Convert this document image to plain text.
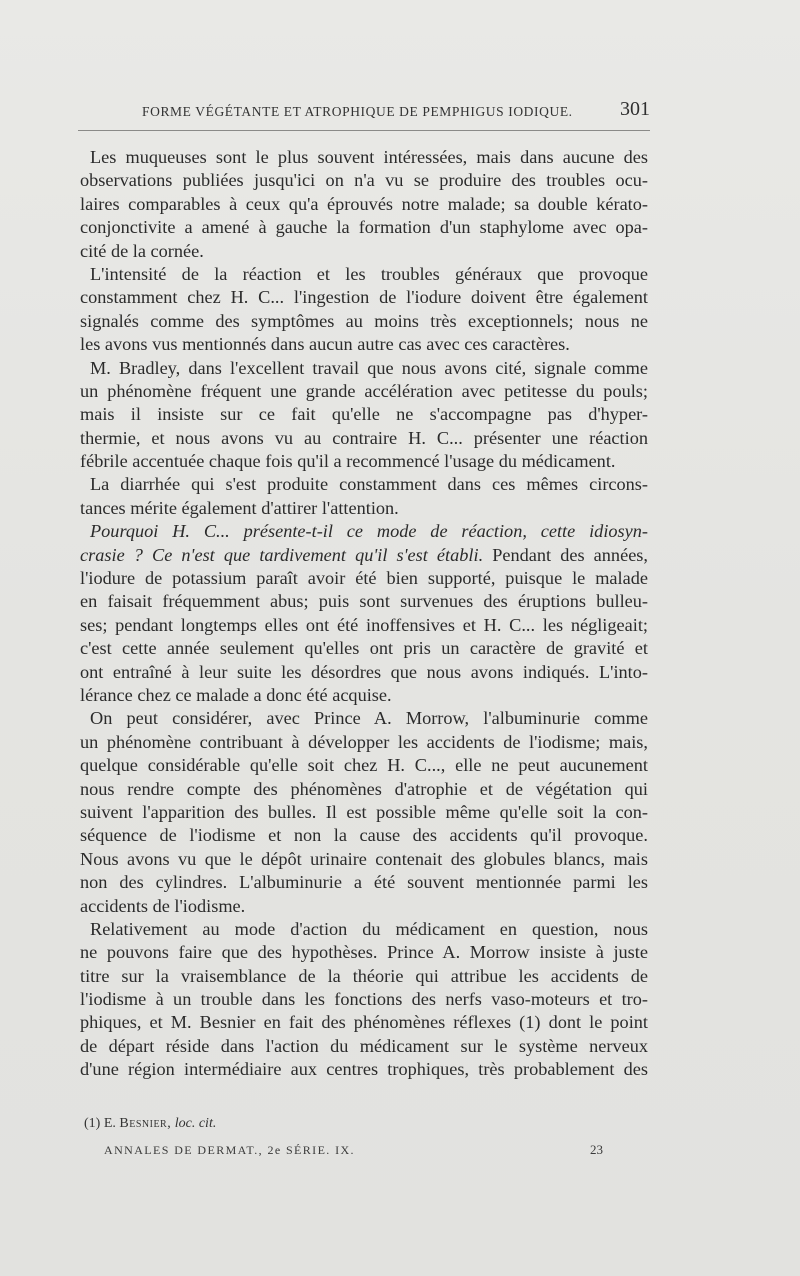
FORME VÉGÉTANTE ET ATROPHIQUE DE PEMPHIGUS IODIQUE. 301
Les muqueuses sont le plus souvent intéressées, mais dans aucune des
observations publiées jusqu'ici on n'a vu se produire des troubles ocu-
laires comparables à ceux qu'a éprouvés notre malade; sa double kérato-
conjonctivite a amené à gauche la formation d'un staphylome avec opa-
cité de la cornée.
L'intensité de la réaction et les troubles généraux que provoque
constamment chez H. C... l'ingestion de l'iodure doivent être également
signalés comme des symptômes au moins très exceptionnels; nous ne
les avons vus mentionnés dans aucun autre cas avec ces caractères.
M. Bradley, dans l'excellent travail que nous avons cité, signale comme
un phénomène fréquent une grande accélération avec petitesse du pouls;
mais il insiste sur ce fait qu'elle ne s'accompagne pas d'hyper-
thermie, et nous avons vu au contraire H. C... présenter une réaction
fébrile accentuée chaque fois qu'il a recommencé l'usage du médicament.
La diarrhée qui s'est produite constamment dans ces mêmes circons-
tances mérite également d'attirer l'attention.
Pourquoi H. C... présente-t-il ce mode de réaction, cette idiosyn-
crasie ? Ce n'est que tardivement qu'il s'est établi. Pendant des années,
l'iodure de potassium paraît avoir été bien supporté, puisque le malade
en faisait fréquemment abus; puis sont survenues des éruptions bulleu-
ses; pendant longtemps elles ont été inoffensives et H. C... les négligeait;
c'est cette année seulement qu'elles ont pris un caractère de gravité et
ont entraîné à leur suite les désordres que nous avons indiqués. L'into-
lérance chez ce malade a donc été acquise.
On peut considérer, avec Prince A. Morrow, l'albuminurie comme
un phénomène contribuant à développer les accidents de l'iodisme; mais,
quelque considérable qu'elle soit chez H. C..., elle ne peut aucunement
nous rendre compte des phénomènes d'atrophie et de végétation qui
suivent l'apparition des bulles. Il est possible même qu'elle soit la con-
séquence de l'iodisme et non la cause des accidents qu'il provoque.
Nous avons vu que le dépôt urinaire contenait des globules blancs, mais
non des cylindres. L'albuminurie a été souvent mentionnée parmi les
accidents de l'iodisme.
Relativement au mode d'action du médicament en question, nous
ne pouvons faire que des hypothèses. Prince A. Morrow insiste à juste
titre sur la vraisemblance de la théorie qui attribue les accidents de
l'iodisme à un trouble dans les fonctions des nerfs vaso-moteurs et tro-
phiques, et M. Besnier en fait des phénomènes réflexes (1) dont le point
de départ réside dans l'action du médicament sur le système nerveux
d'une région intermédiaire aux centres trophiques, très probablement des
(1) E. Besnier, loc. cit.
ANNALES DE DERMAT., 2e SÉRIE. IX.	23
